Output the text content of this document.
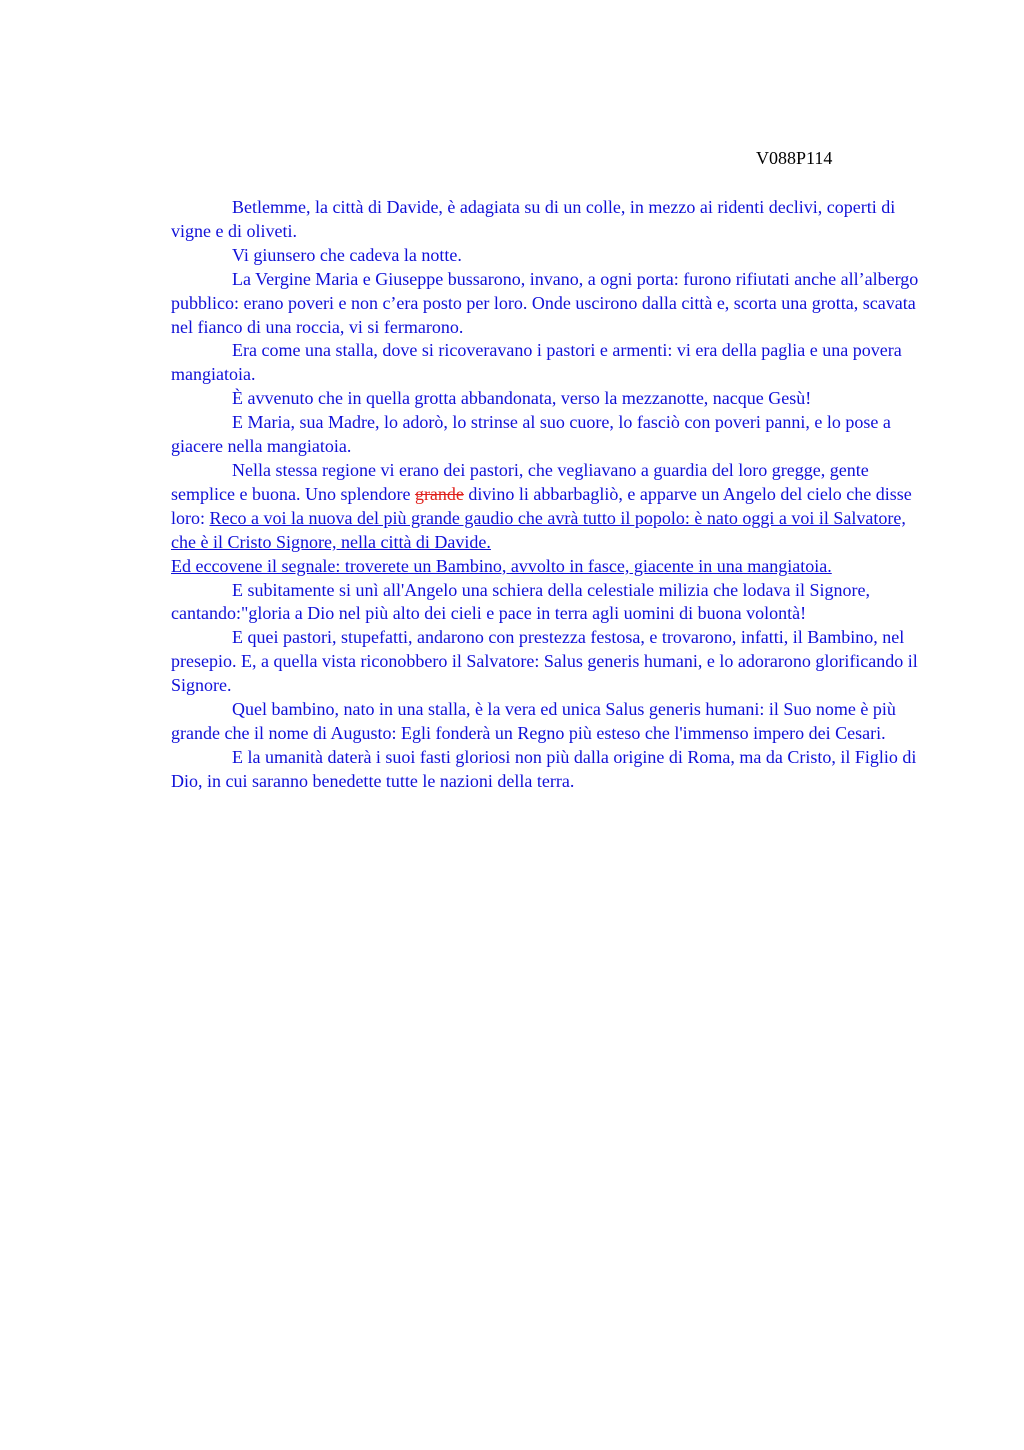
V088P114

Betlemme, la città di Davide, è adagiata su di un colle, in mezzo ai ridenti declivi, coperti di vigne e di oliveti.

Vi giunsero che cadeva la notte.

La Vergine Maria e Giuseppe bussarono, invano, a ogni porta: furono rifiutati anche all’albergo pubblico: erano poveri e non c’era posto per loro. Onde uscirono dalla città e, scorta una grotta, scavata nel fianco di una roccia, vi si fermarono.

Era come una stalla, dove si ricoveravano i pastori e armenti: vi era della paglia e una povera mangiatoia.

È avvenuto che in quella grotta abbandonata, verso la mezzanotte, nacque Gesù!

E Maria, sua Madre, lo adorò, lo strinse al suo cuore, lo fasciò con poveri panni, e lo pose a giacere nella mangiatoia.

Nella stessa regione vi erano dei pastori, che vegliavano a guardia del loro gregge, gente semplice e buona. Uno splendore grande divino li abbarbagliò, e apparve un Angelo del cielo che disse loro: Reco a voi la nuova del più grande gaudio che avrà tutto il popolo: è nato oggi a voi il Salvatore, che è il Cristo Signore, nella città di Davide.

Ed eccovene il segnale: troverete un Bambino, avvolto in fasce, giacente in una mangiatoia.

E subitamente si unì all'Angelo una schiera della celestiale milizia che lodava il Signore, cantando:"gloria a Dio nel più alto dei cieli e pace in terra agli uomini di buona volontà!

E quei pastori, stupefatti, andarono con prestezza festosa, e trovarono, infatti, il Bambino, nel presepio. E, a quella vista riconobbero il Salvatore: Salus generis humani, e lo adorarono glorificando il Signore.

Quel bambino, nato in una stalla, è la vera ed unica Salus generis humani: il Suo nome è più grande che il nome di Augusto: Egli fonderà un Regno più esteso che l'immenso impero dei Cesari.

E la umanità daterà i suoi fasti gloriosi non più dalla origine di Roma, ma da Cristo, il Figlio di Dio, in cui saranno benedette tutte le nazioni della terra.
